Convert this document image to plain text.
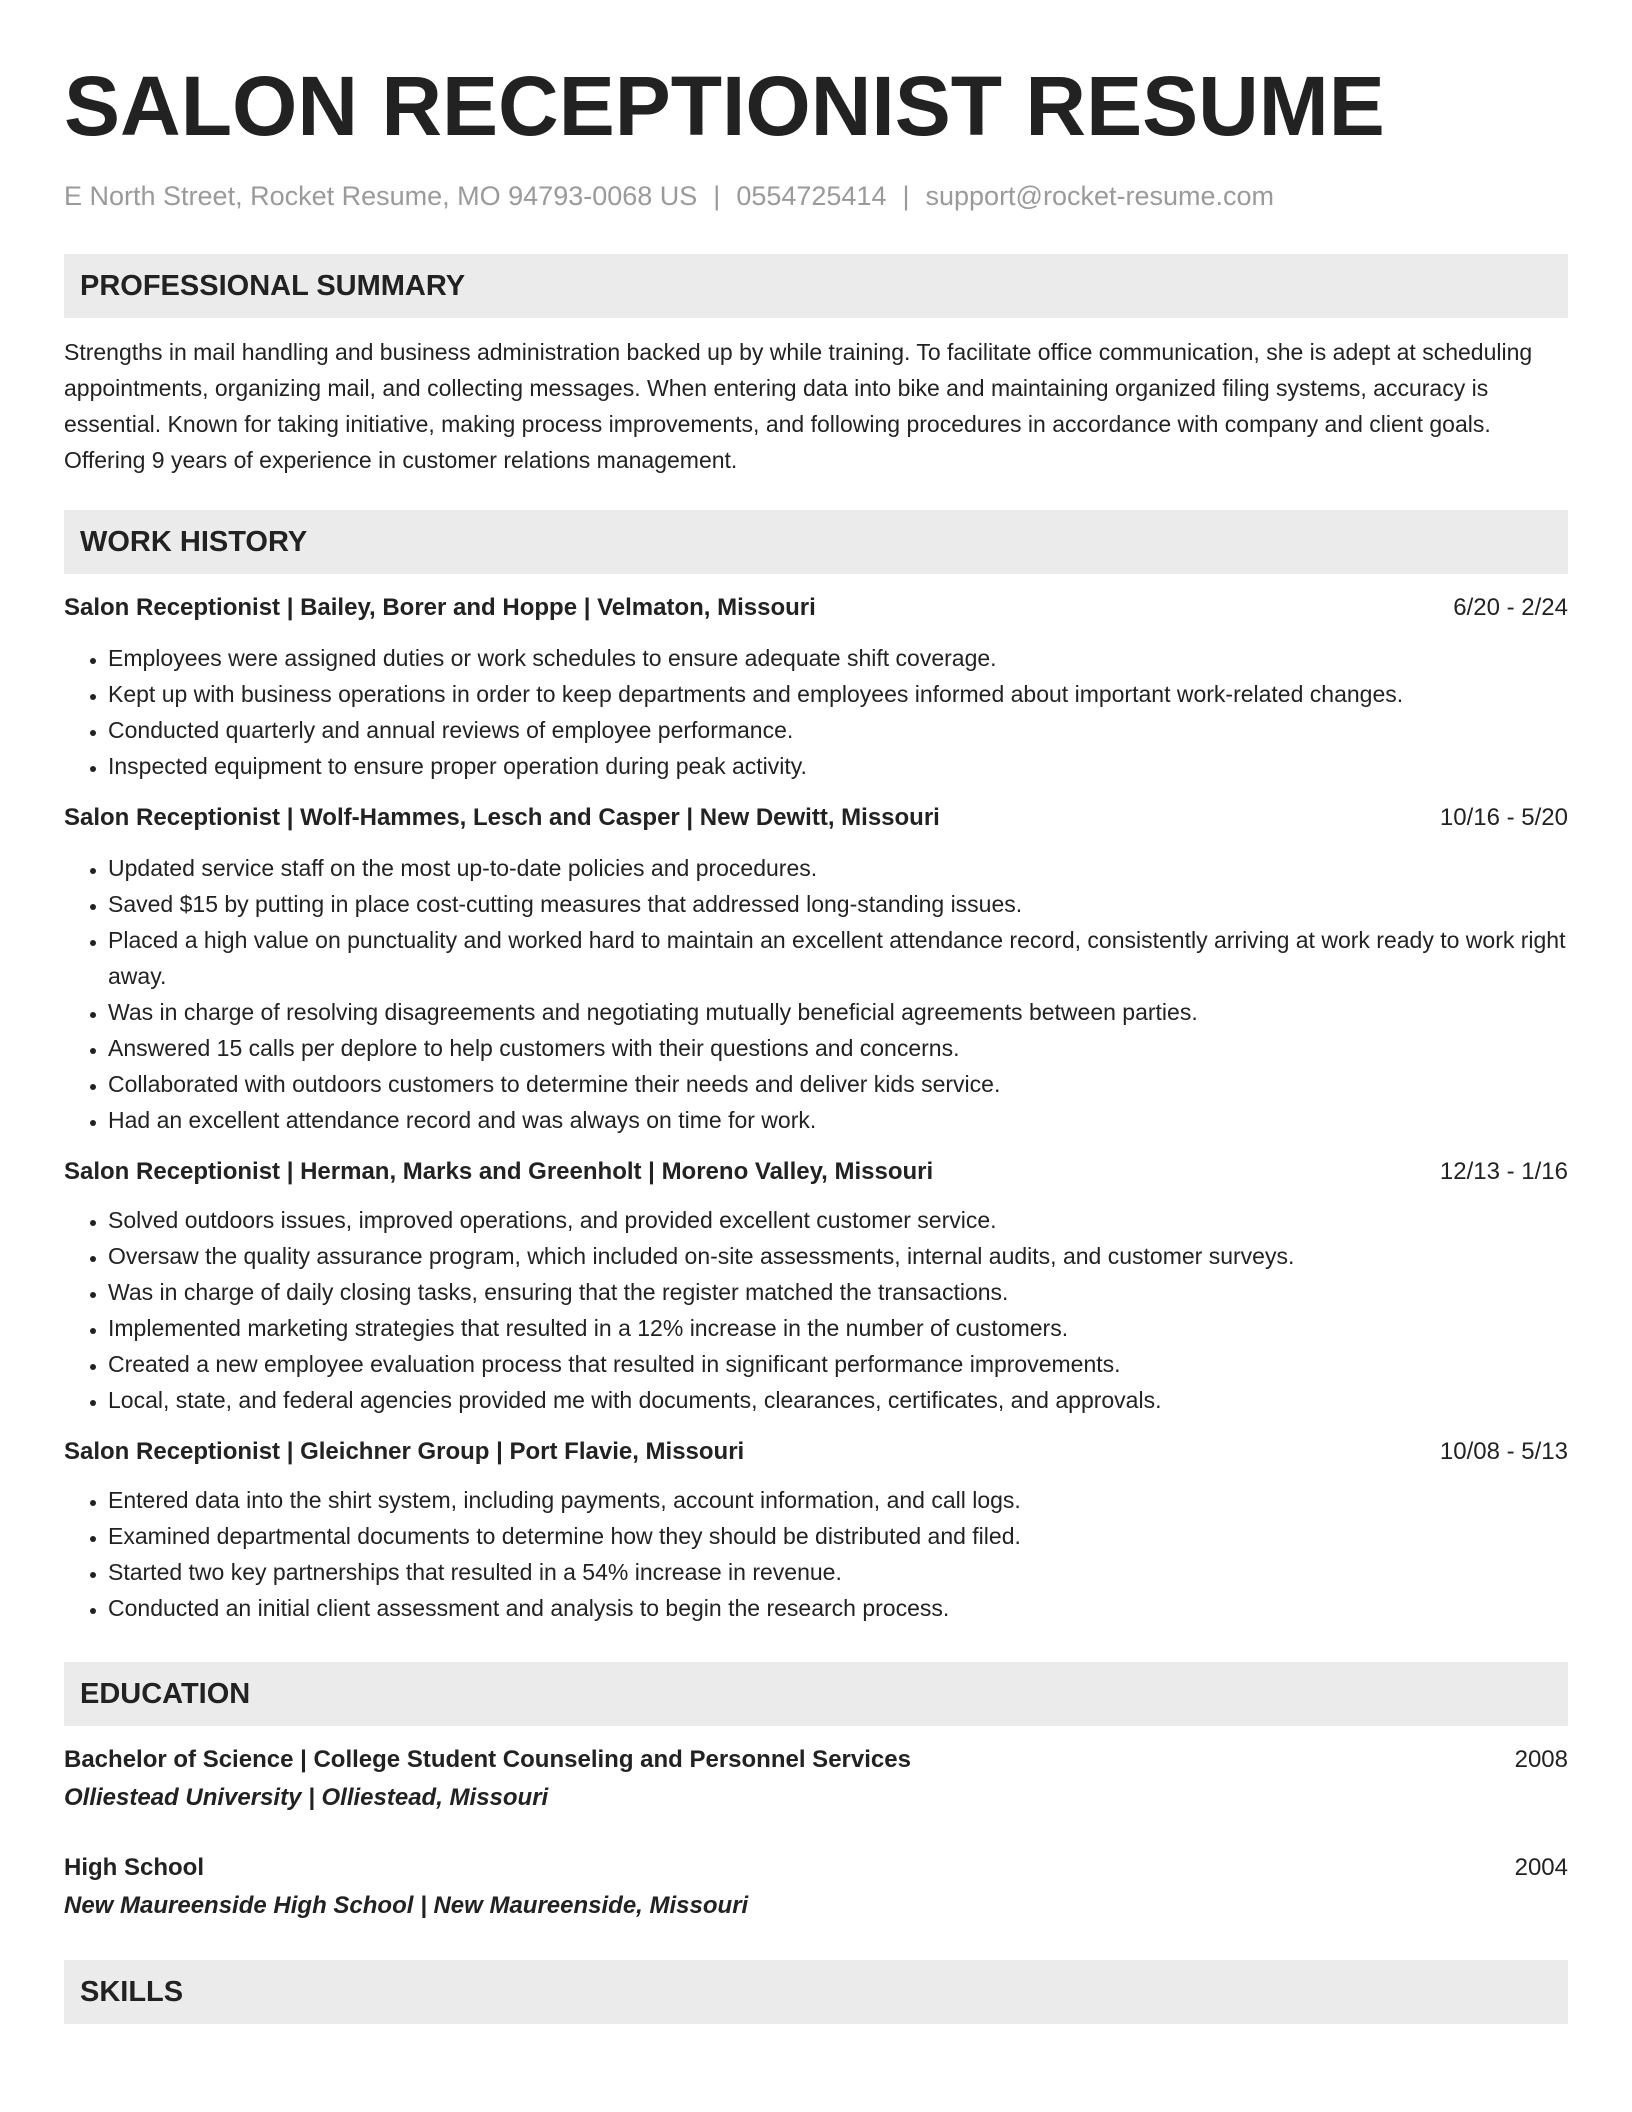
SALON RECEPTIONIST RESUME
E North Street, Rocket Resume, MO 94793-0068 US | 0554725414 | support@rocket-resume.com
PROFESSIONAL SUMMARY
Strengths in mail handling and business administration backed up by while training. To facilitate office communication, she is adept at scheduling appointments, organizing mail, and collecting messages. When entering data into bike and maintaining organized filing systems, accuracy is essential. Known for taking initiative, making process improvements, and following procedures in accordance with company and client goals. Offering 9 years of experience in customer relations management.
WORK HISTORY
Salon Receptionist | Bailey, Borer and Hoppe | Velmaton, Missouri	6/20 - 2/24
• Employees were assigned duties or work schedules to ensure adequate shift coverage.
• Kept up with business operations in order to keep departments and employees informed about important work-related changes.
• Conducted quarterly and annual reviews of employee performance.
• Inspected equipment to ensure proper operation during peak activity.
Salon Receptionist | Wolf-Hammes, Lesch and Casper | New Dewitt, Missouri	10/16 - 5/20
• Updated service staff on the most up-to-date policies and procedures.
• Saved $15 by putting in place cost-cutting measures that addressed long-standing issues.
• Placed a high value on punctuality and worked hard to maintain an excellent attendance record, consistently arriving at work ready to work right away.
• Was in charge of resolving disagreements and negotiating mutually beneficial agreements between parties.
• Answered 15 calls per deplore to help customers with their questions and concerns.
• Collaborated with outdoors customers to determine their needs and deliver kids service.
• Had an excellent attendance record and was always on time for work.
Salon Receptionist | Herman, Marks and Greenholt | Moreno Valley, Missouri	12/13 - 1/16
• Solved outdoors issues, improved operations, and provided excellent customer service.
• Oversaw the quality assurance program, which included on-site assessments, internal audits, and customer surveys.
• Was in charge of daily closing tasks, ensuring that the register matched the transactions.
• Implemented marketing strategies that resulted in a 12% increase in the number of customers.
• Created a new employee evaluation process that resulted in significant performance improvements.
• Local, state, and federal agencies provided me with documents, clearances, certificates, and approvals.
Salon Receptionist | Gleichner Group | Port Flavie, Missouri	10/08 - 5/13
• Entered data into the shirt system, including payments, account information, and call logs.
• Examined departmental documents to determine how they should be distributed and filed.
• Started two key partnerships that resulted in a 54% increase in revenue.
• Conducted an initial client assessment and analysis to begin the research process.
EDUCATION
Bachelor of Science | College Student Counseling and Personnel Services	2008
Olliestead University | Olliestead, Missouri
High School	2004
New Maureenside High School | New Maureenside, Missouri
SKILLS
